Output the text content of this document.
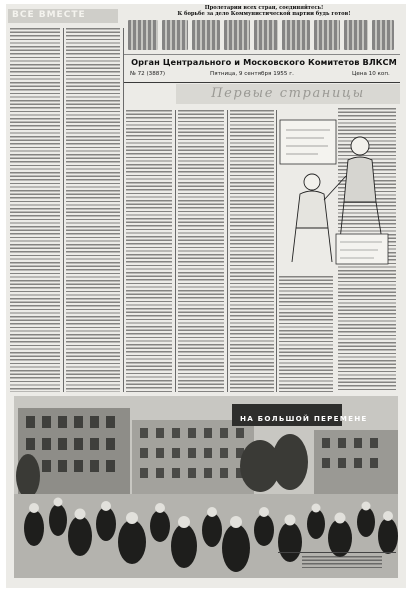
ВСЕ ВМЕСТЕ
Пролетарии всех стран, соединяйтесь!
К борьбе за дело Коммунистической партии будь готов!
Орган Центрального и Московского Комитетов ВЛКСМ
№ 72 (3887)	Пятница, 9 сентября 1955 г.	Цена 10 коп.
Первые страницы
НА БОЛЬШОЙ ПЕРЕМЕНЕ
